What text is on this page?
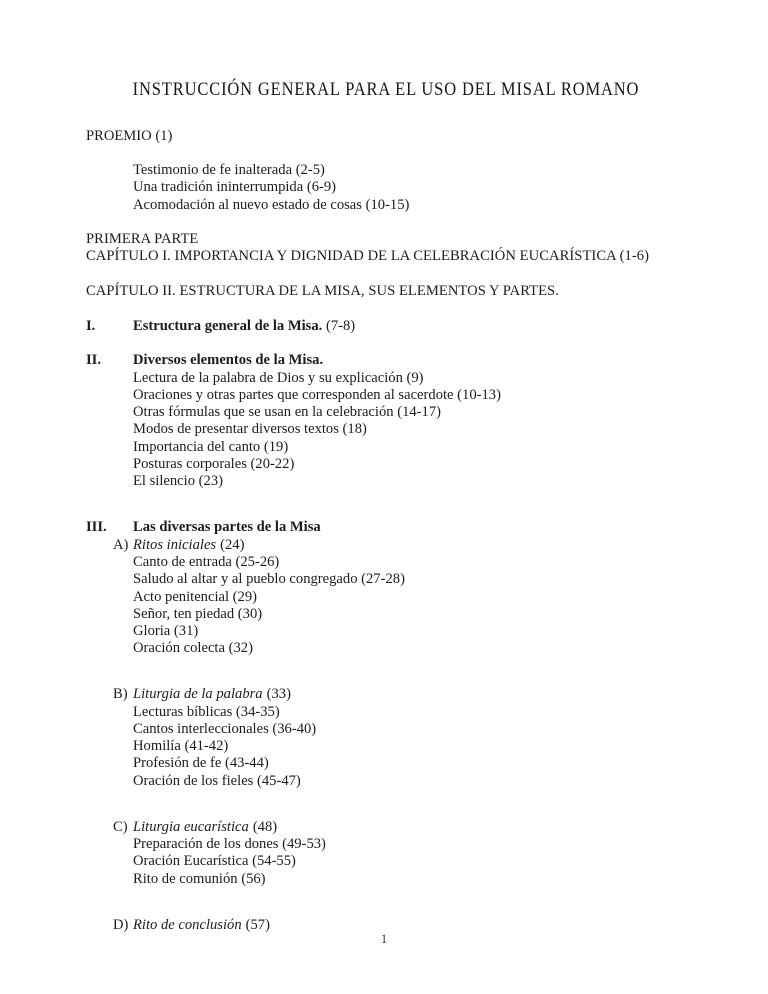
INSTRUCCIÓN GENERAL PARA EL USO DEL MISAL ROMANO
PROEMIO (1)
Testimonio de fe inalterada (2-5)
Una tradición ininterrumpida (6-9)
Acomodación al nuevo estado de cosas (10-15)
PRIMERA PARTE
CAPÍTULO I. IMPORTANCIA Y DIGNIDAD DE LA CELEBRACIÓN EUCARÍSTICA (1-6)
CAPÍTULO II. ESTRUCTURA DE LA MISA, SUS ELEMENTOS Y PARTES.
I.	Estructura general de la Misa. (7-8)
II.	Diversos elementos de la Misa.
Lectura de la palabra de Dios y su explicación (9)
Oraciones y otras partes que corresponden al sacerdote (10-13)
Otras fórmulas que se usan en la celebración (14-17)
Modos de presentar diversos textos (18)
Importancia del canto (19)
Posturas corporales (20-22)
El silencio (23)
III.	Las diversas partes de la Misa
A) Ritos iniciales (24)
Canto de entrada (25-26)
Saludo al altar y al pueblo congregado (27-28)
Acto penitencial (29)
Señor, ten piedad (30)
Gloria (31)
Oración colecta (32)
B) Liturgia de la palabra (33)
Lecturas bíblicas (34-35)
Cantos interleccionales (36-40)
Homilía (41-42)
Profesión de fe (43-44)
Oración de los fieles (45-47)
C) Liturgia eucarística (48)
Preparación de los dones (49-53)
Oración Eucarística (54-55)
Rito de comunión (56)
D) Rito de conclusión (57)
1
